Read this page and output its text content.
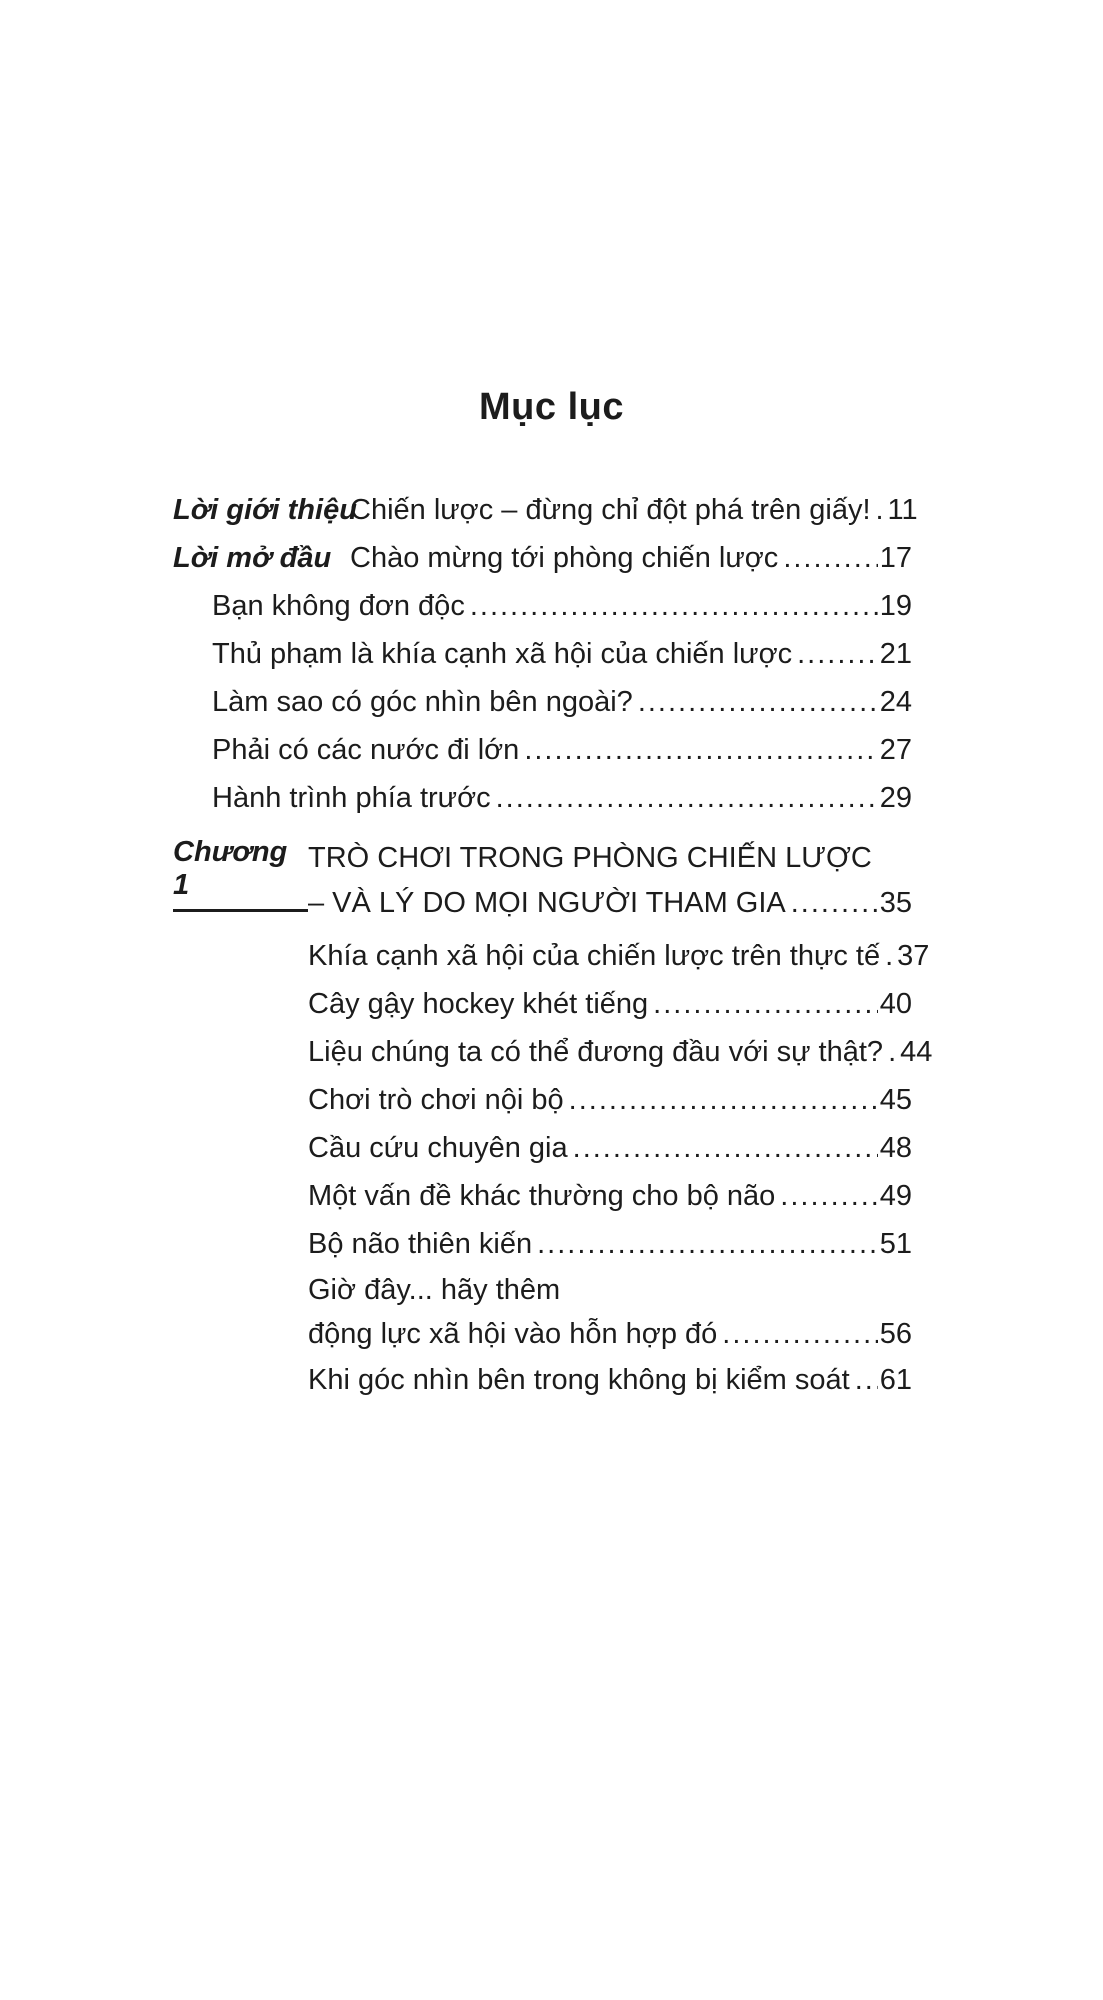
Mục lục
Lời giới thiệu
Chiến lược – đừng chỉ đột phá trên giấy! ..... 11
Lời mở đầu Chào mừng tới phòng chiến lược .....	17
Bạn không đơn độc .....	19
Thủ phạm là khía cạnh xã hội của chiến lược .....	21
Làm sao có góc nhìn bên ngoài? .....	24
Phải có các nước đi lớn .....	27
Hành trình phía trước .....	29
Chương 1
TRÒ CHƠI TRONG PHÒNG CHIẾN LƯỢC
– VÀ LÝ DO MỌI NGƯỜI THAM GIA .....	35
Khía cạnh xã hội của chiến lược trên thực tế ..... 37
Cây gậy hockey khét tiếng .....	40
Liệu chúng ta có thể đương đầu với sự thật? ..... 44
Chơi trò chơi nội bộ .....	45
Cầu cứu chuyên gia .....	48
Một vấn đề khác thường cho bộ não .....	49
Bộ não thiên kiến .....	51
Giờ đây... hãy thêm
động lực xã hội vào hỗn hợp đó .....	56
Khi góc nhìn bên trong không bị kiểm soát ..... 61
